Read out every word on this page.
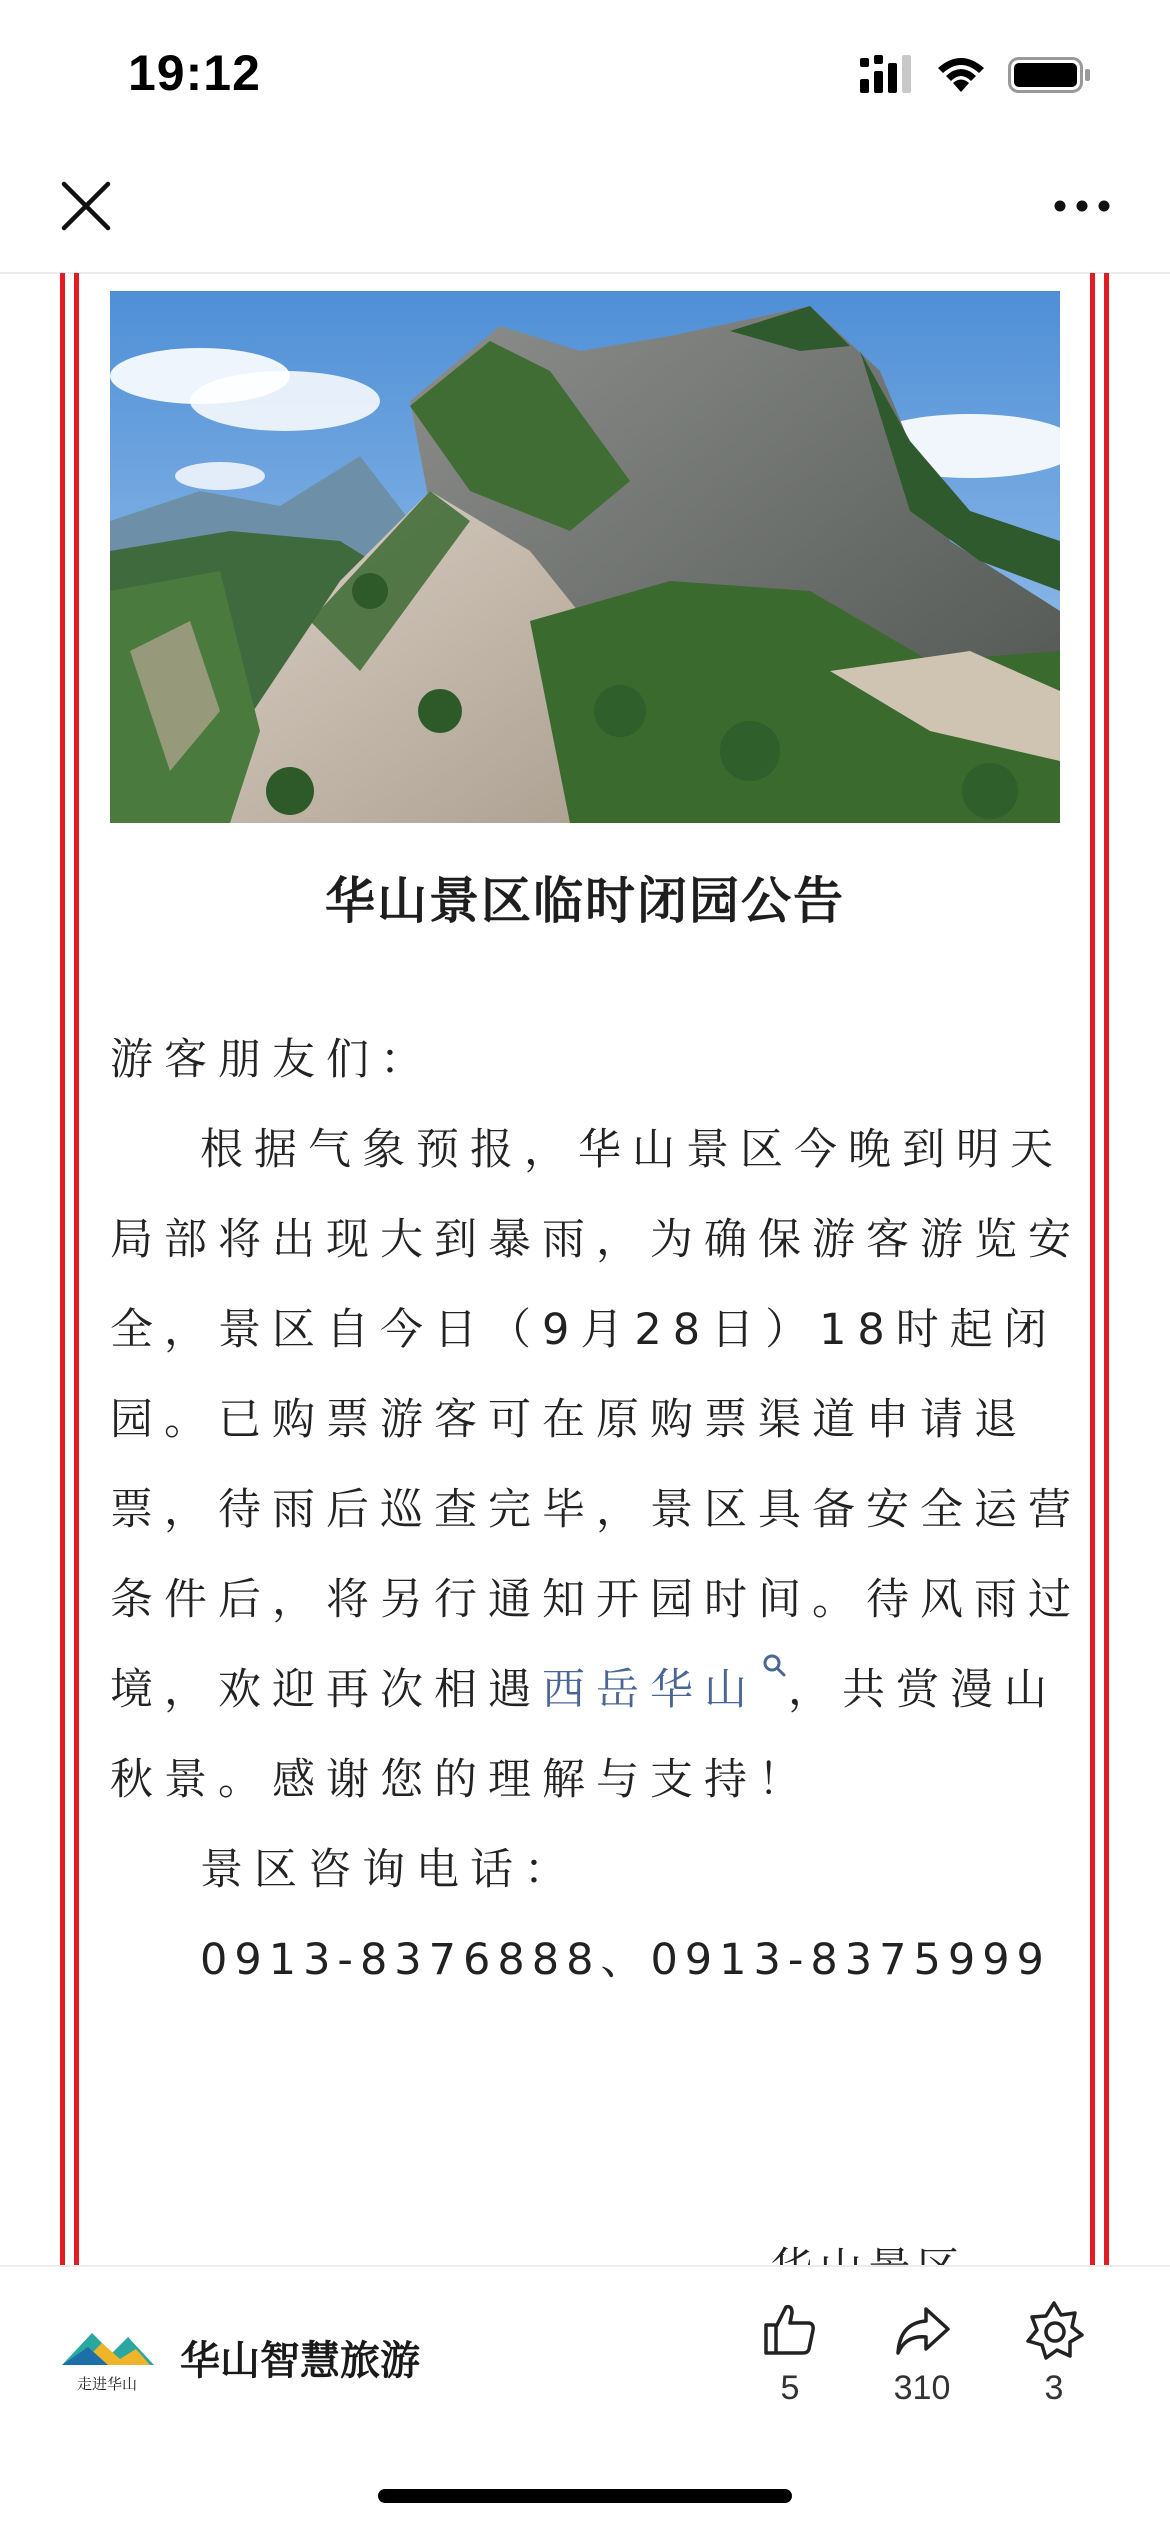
19:12
华山景区临时闭园公告
游客朋友们：
根据气象预报，华山景区今晚到明天
局部将出现大到暴雨，为确保游客游览安
全，景区自今日（9月28日）18时起闭
园。已购票游客可在原购票渠道申请退
票，待雨后巡查完毕，景区具备安全运营
条件后，将另行通知开园时间。待风雨过
境，欢迎再次相遇西岳华山 ，共赏漫山
秋景。感谢您的理解与支持！
景区咨询电话：
0913-8376888、0913-8375999
走进华山 华山智慧旅游
5	310	3
